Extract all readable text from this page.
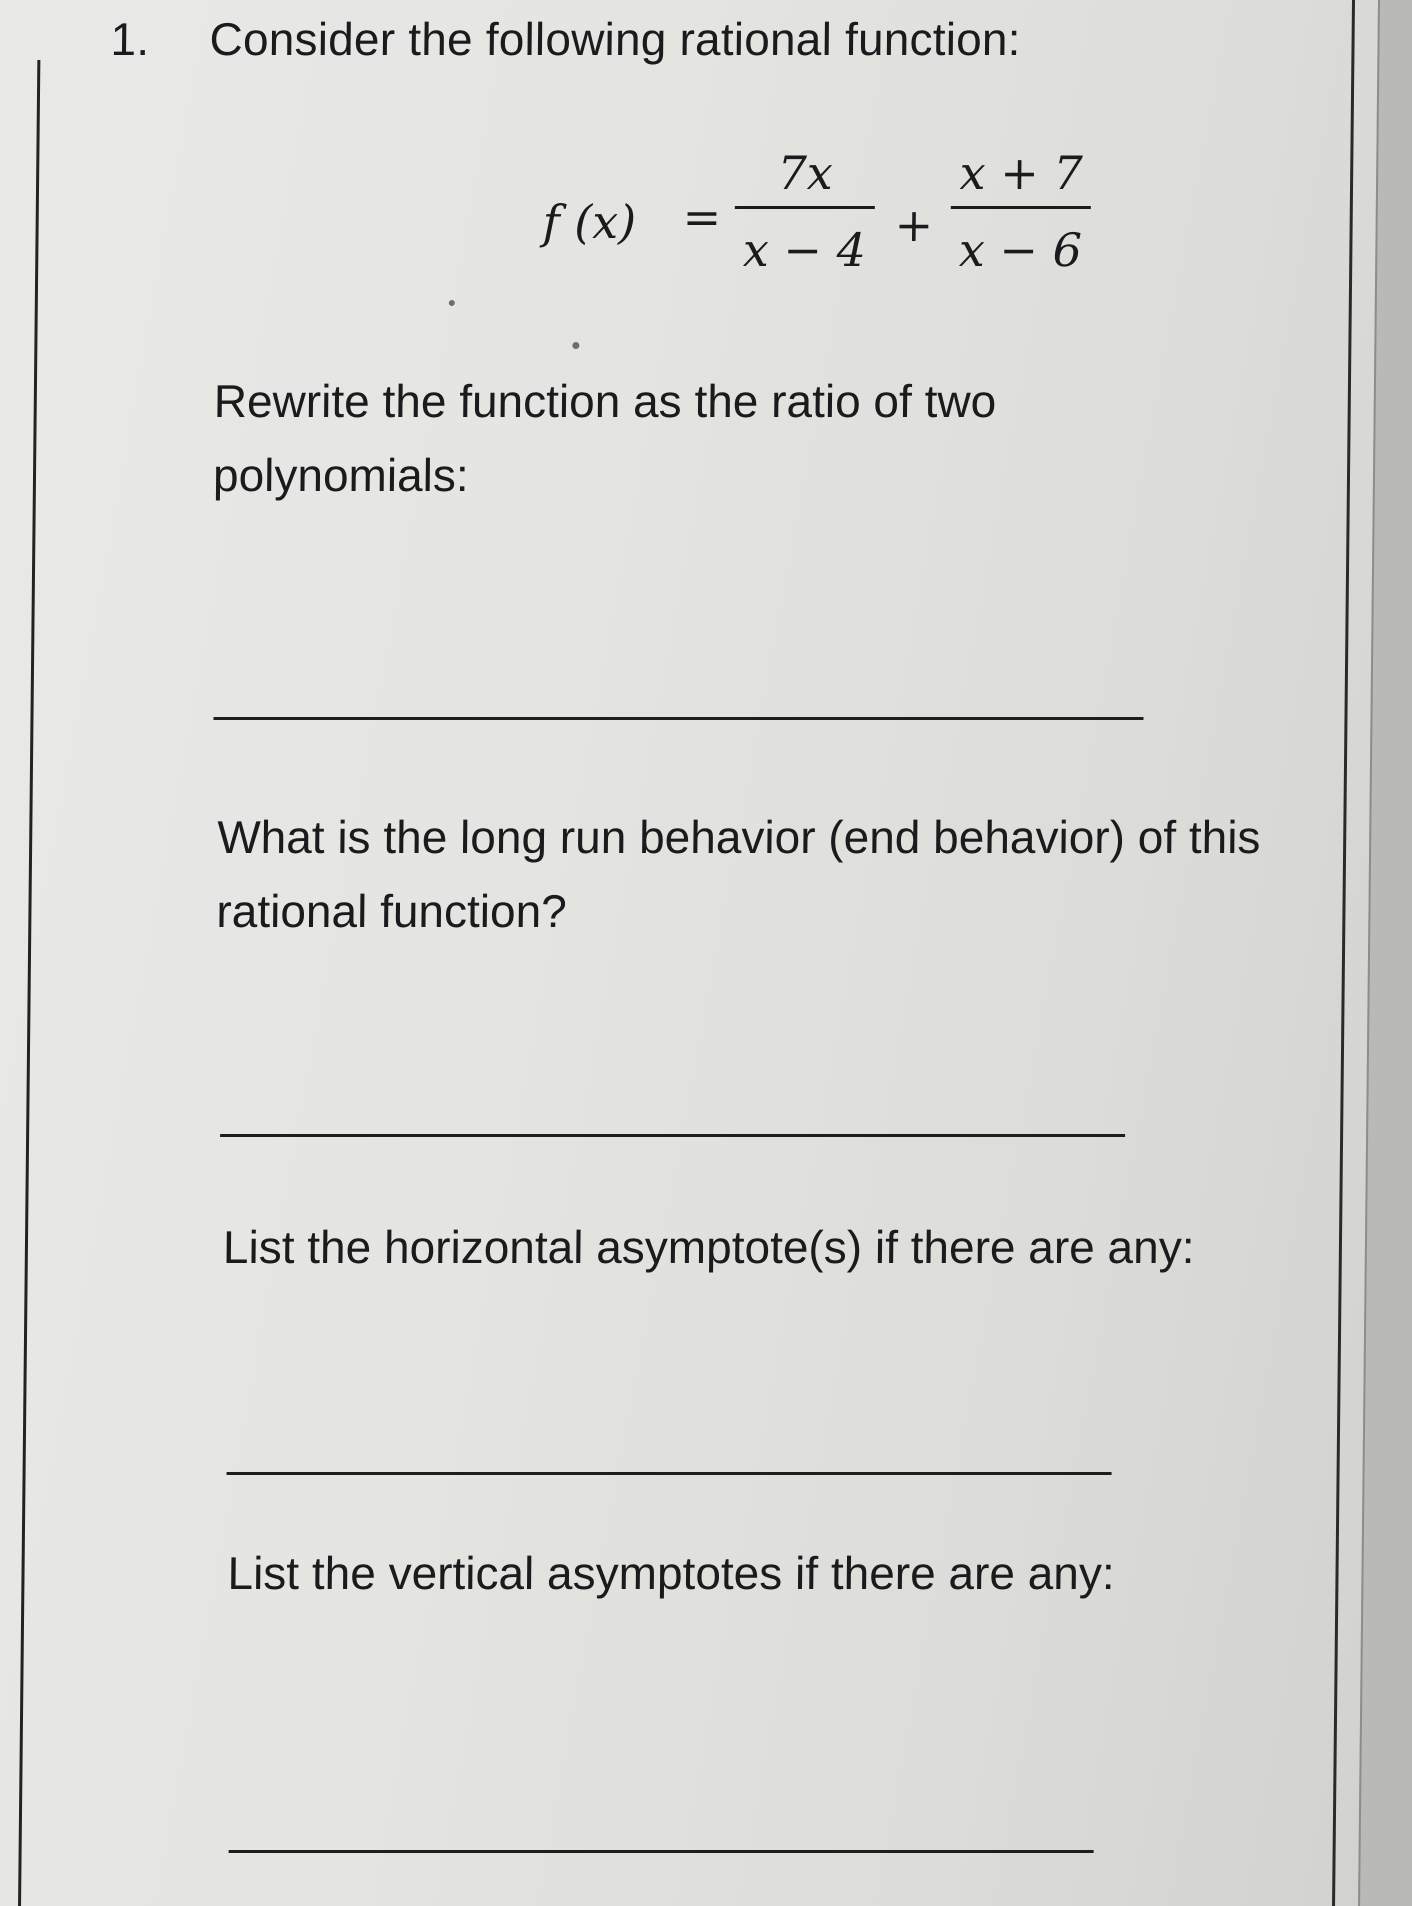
1. Consider the following rational function:
f (x) =
7x
x − 4 +
x + 7
x − 6
Rewrite the function as the ratio of two polynomials:
What is the long run behavior (end behavior) of this rational function?
List the horizontal asymptote(s) if there are any:
List the vertical asymptotes if there are any:
